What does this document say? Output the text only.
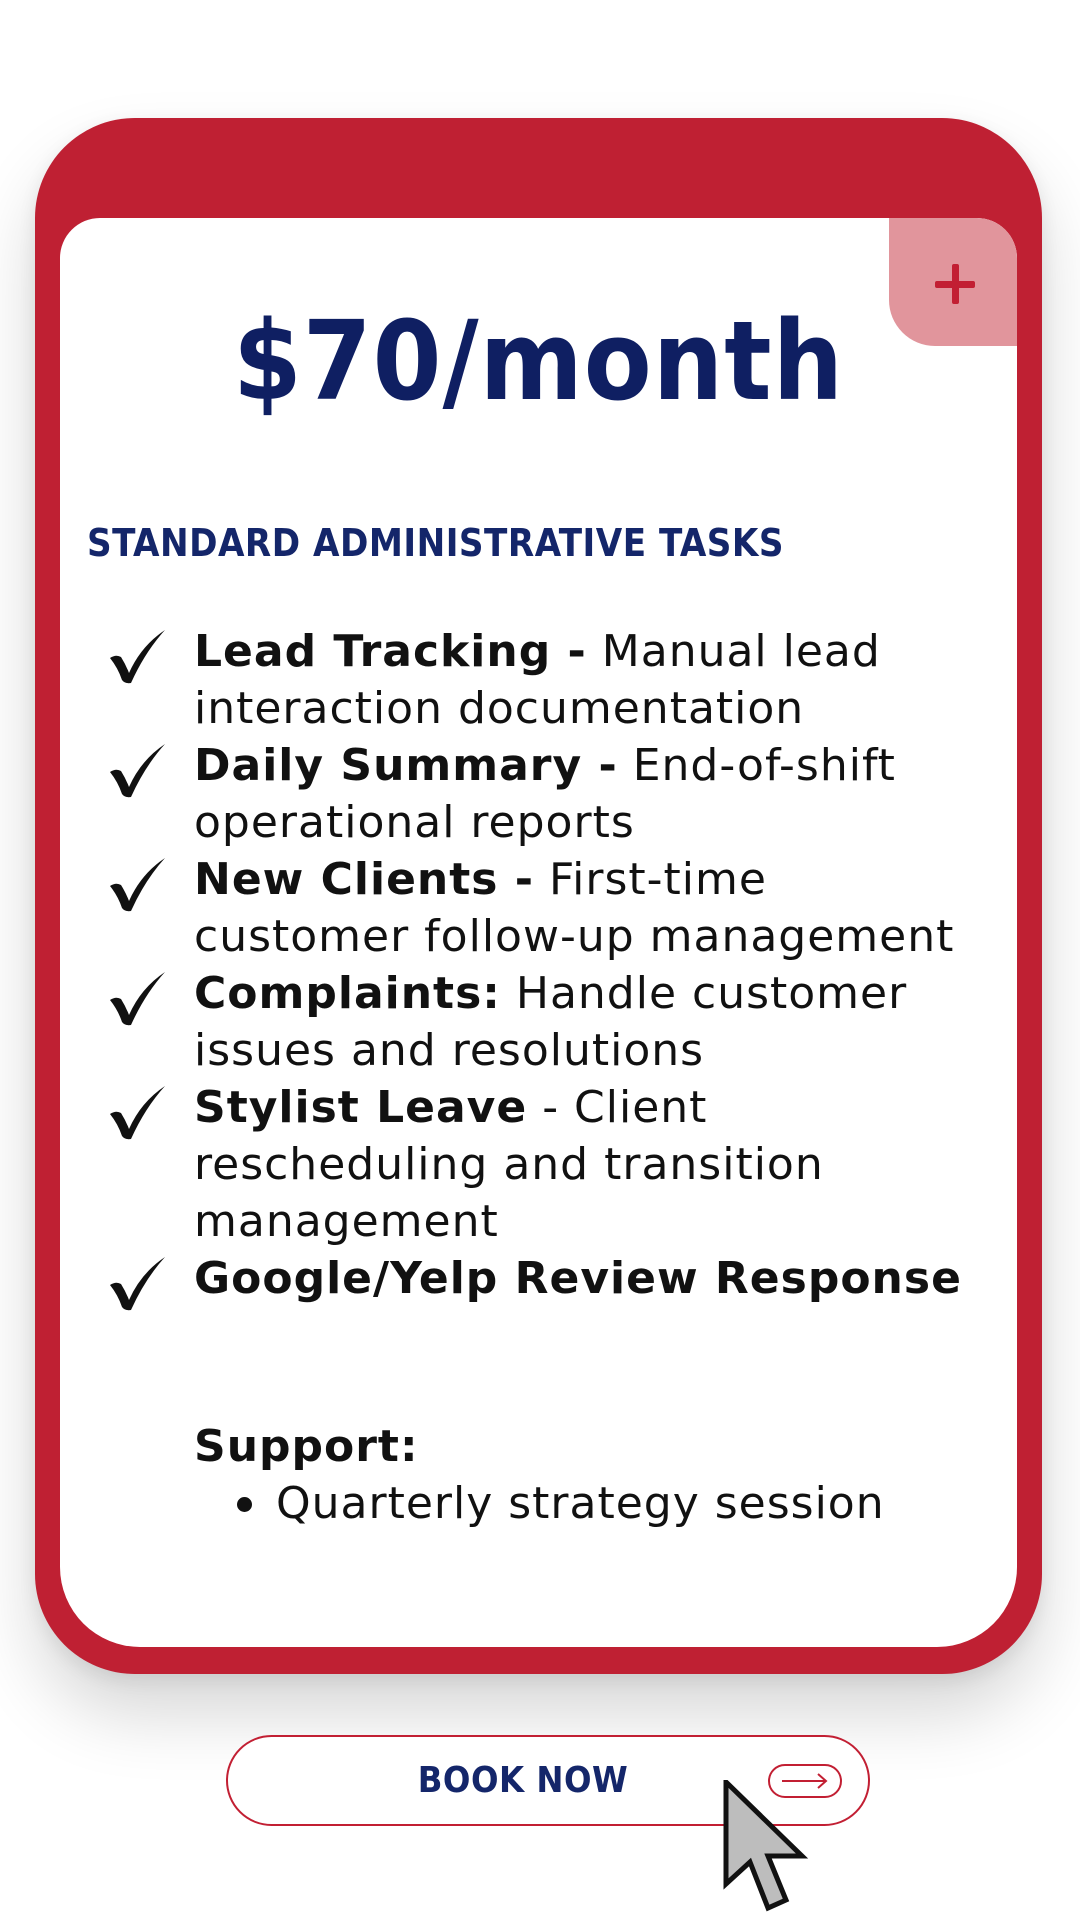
$70/month
STANDARD ADMINISTRATIVE TASKS
Lead Tracking - Manual lead interaction documentation
Daily Summary - End-of-shift operational reports
New Clients - First-time customer follow-up management
Complaints: Handle customer issues and resolutions
Stylist Leave - Client rescheduling and transition management
Google/Yelp Review Response
Support:
Quarterly strategy session
BOOK NOW
